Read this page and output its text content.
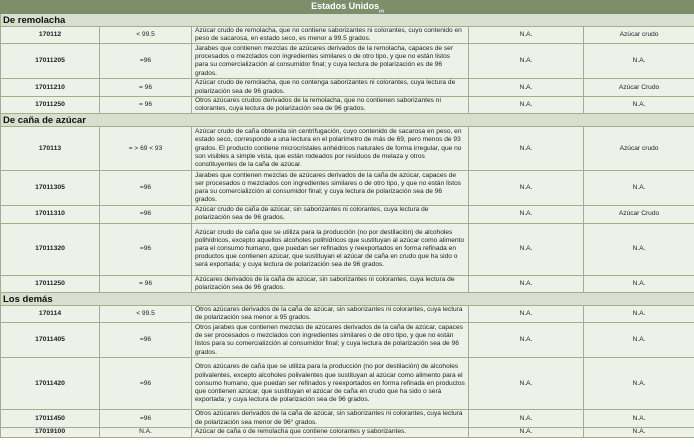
Estados Unidos$_{(4)}$
De remolacha				
170112	< 99.5	Azúcar crudo de remolacha, que no contiene saborizantes ni colorantes, cuyo contenido en peso de sacarosa, en estado seco, es menor a 99.5 grados.	N.A.	Azúcar crudo
17011205	=96	Jarabes que contienen mezclas de azúcares derivados de la remolacha, capaces de ser procesados o mezclados con ingredientes similares o de otro tipo, y que no están listos para su comercialización al consumidor final; y cuya lectura de polarización es de 96 grados.	N.A.	N.A.
17011210	= 96	Azúcar crudo de remolacha, que no contenga saborizantes ni colorantes, cuya lectura de polarización sea de 96 grados.	N.A.	Azúcar Crudo
17011250	= 96	Otros azúcares crudos derivados de la remolacha, que no contienen saborizantes ni colorantes, cuya lectura de polarización sea de 96 grados.	N.A.	N.A.
De caña de azúcar				
170113	= > 69 < 93	Azúcar crudo de caña obtenida sin centrifugación, cuyo contenido de sacarosa en peso, en estado seco, corresponde a una lectura en el polarímetro de más de 69, pero menos de 93 grados. El producto contiene microcristales anhédricos naturales de forma irregular, que no son visibles a simple vista, que están rodeados por residuos de melaza y otros constituyentes de la caña de azúcar.	N.A.	Azúcar crudo
17011305	=96	Jarabes que contienen mezclas de azúcares derivados de la caña de azúcar, capaces de ser procesados o mezclados con ingredientes similares o de otro tipo, y que no están listos para su comercializción al consumidor final; y cuya lectura de polarización sea de 96 grados.	N.A.	N.A.
17011310	=96	Azúcar crudo de caña de azúcar, sin saborizantes ni colorantes, cuya lectura de polarización sea de 96 grados.	N.A.	Azúcar Crudo
17011320	=96	Azúcar crudo de caña que se utiliza para la producción (no por destilación) de alcoholes polihídricos, excepto aquellos alcoholes polihídricos que sustituyan al azúcar como alimento para el consumo humano, que puedan ser refinados y reexportados en forma refinada en productos que contienen azúcar, que sustituyan el azúcar de caña en crudo que ha sido o será exportada; y cuya lectura de polarización sea de 96 grados.	N.A.	N.A.
17011250	= 96	Azúcares derivados de la caña de azúcar, sin saborizantes ni colorantes, cuya lectura de polarización sea de 96 grados.	N.A.	N.A.
Los demás				
170114	< 99.5	Otros azúcares derivados de la caña de azúcar, sin saborizantes ni colorantes, cuya lectura de polarización sea menor a 95 grados.	N.A.	N.A.
17011405	=96	Otros jarabes que contienen mezclas de azúcares derivados de la caña de azúcar, capaces de ser procesados o mezclados con ingredientes similares o de otro tipo, y que no están listos para su comercializción al consumidor final; y cuya lectura de polarización sea de 96 grados.	N.A.	N.A.
17011420	=96	Otros azúcares de caña que se utiliza para la producción (no por destilación) de alcoholes polivalentes, excepto alcoholes polivalentes que sustituyan al azúcar como alimento para el consumo humano, que puedan ser refinados y reexportados en forma refinada en productos que contienen azúcar, que sustituyan el azúcar de caña en crudo que ha sido o será exportada; y cuya lectura de polarización sea de 96 grados.	N.A.	N.A.
17011450	=96	Otros azúcares derivados de la caña de azúcar, sin saborizantes ni colorantes, cuya lectura de polarización sea menor de 96° grados.	N.A.	N.A.
17019100	N.A.	Azúcar de caña o de remolacha que contiene colorantes y saborizantes.	N.A.	N.A.
